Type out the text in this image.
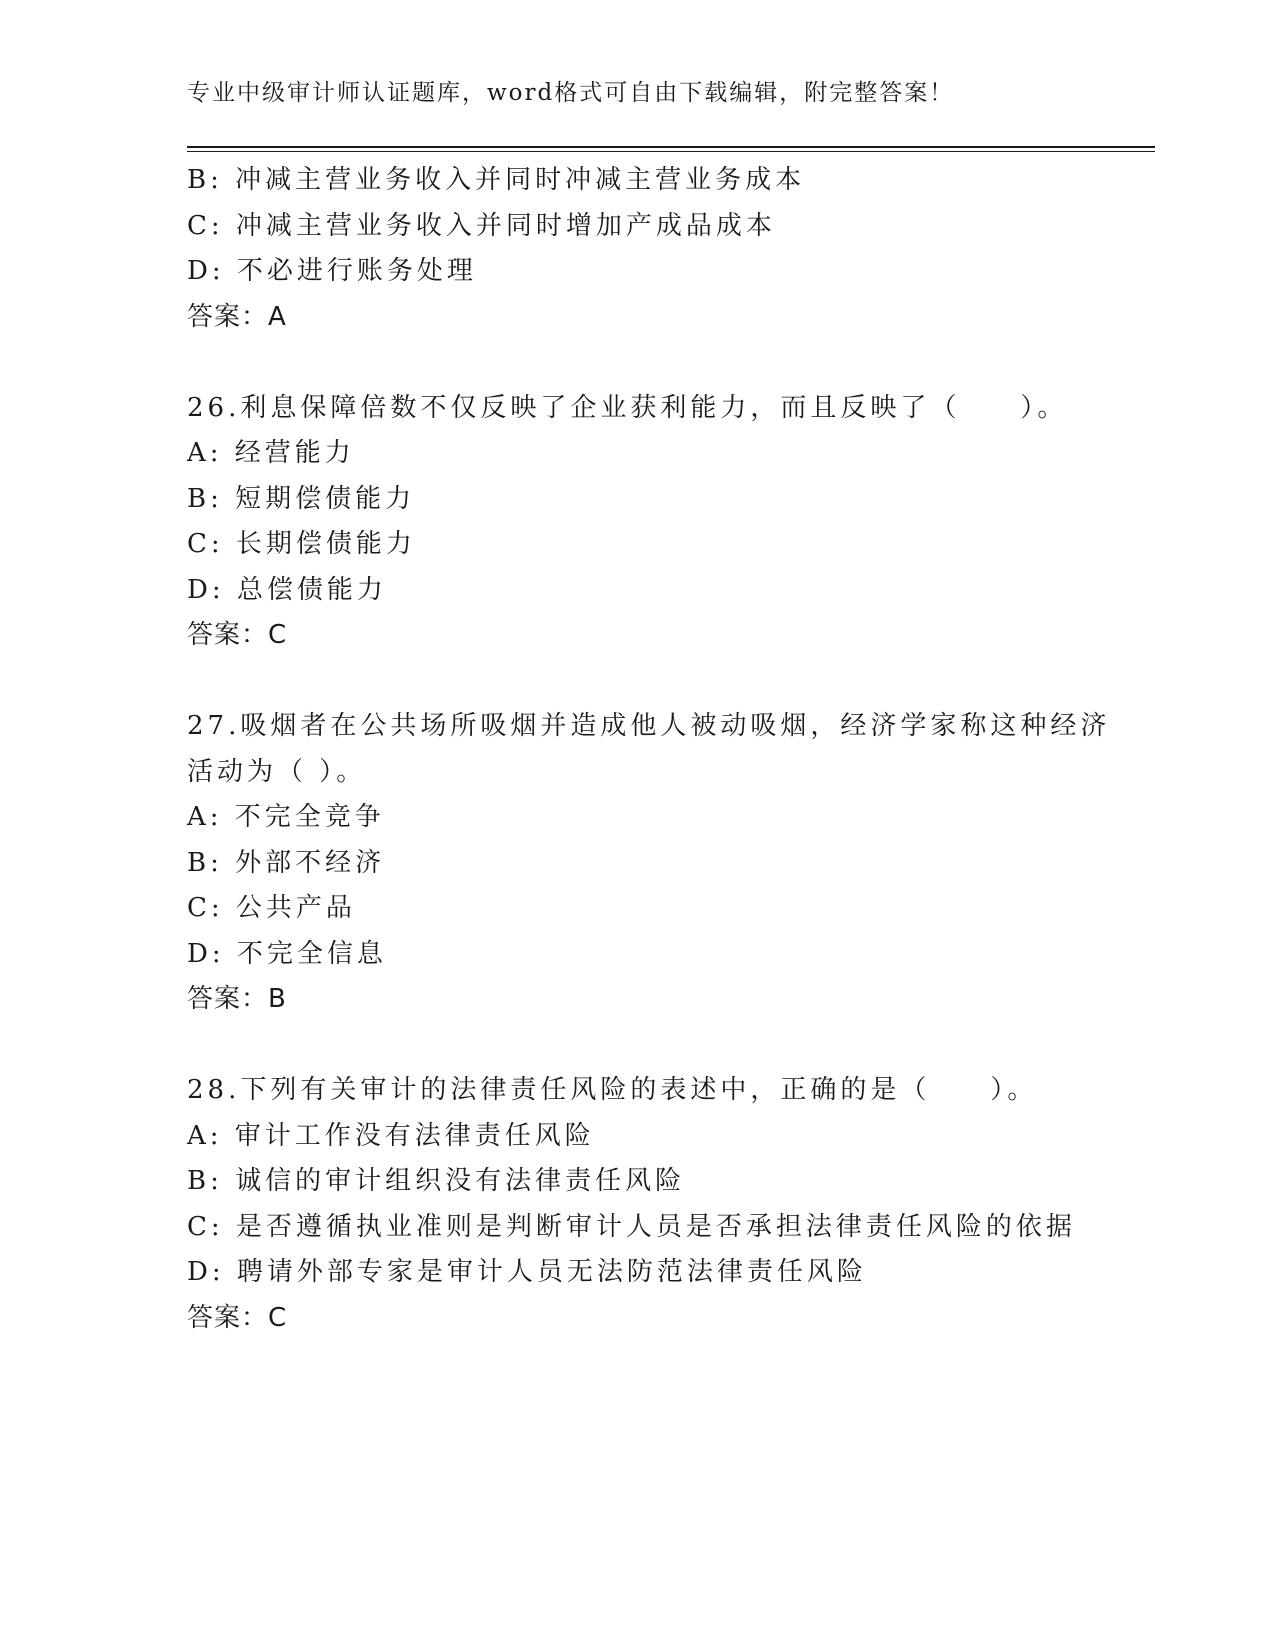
专业中级审计师认证题库，word格式可自由下载编辑，附完整答案！
B: 冲减主营业务收入并同时冲减主营业务成本
C: 冲减主营业务收入并同时增加产成品成本
D: 不必进行账务处理
答案：A
26.利息保障倍数不仅反映了企业获利能力，而且反映了（　　）。
A: 经营能力
B: 短期偿债能力
C: 长期偿债能力
D: 总偿债能力
答案：C
27.吸烟者在公共场所吸烟并造成他人被动吸烟，经济学家称这种经济
活动为（ ）。
A: 不完全竞争
B: 外部不经济
C: 公共产品
D: 不完全信息
答案：B
28.下列有关审计的法律责任风险的表述中，正确的是（　　）。
A: 审计工作没有法律责任风险
B: 诚信的审计组织没有法律责任风险
C: 是否遵循执业准则是判断审计人员是否承担法律责任风险的依据
D: 聘请外部专家是审计人员无法防范法律责任风险
答案：C
